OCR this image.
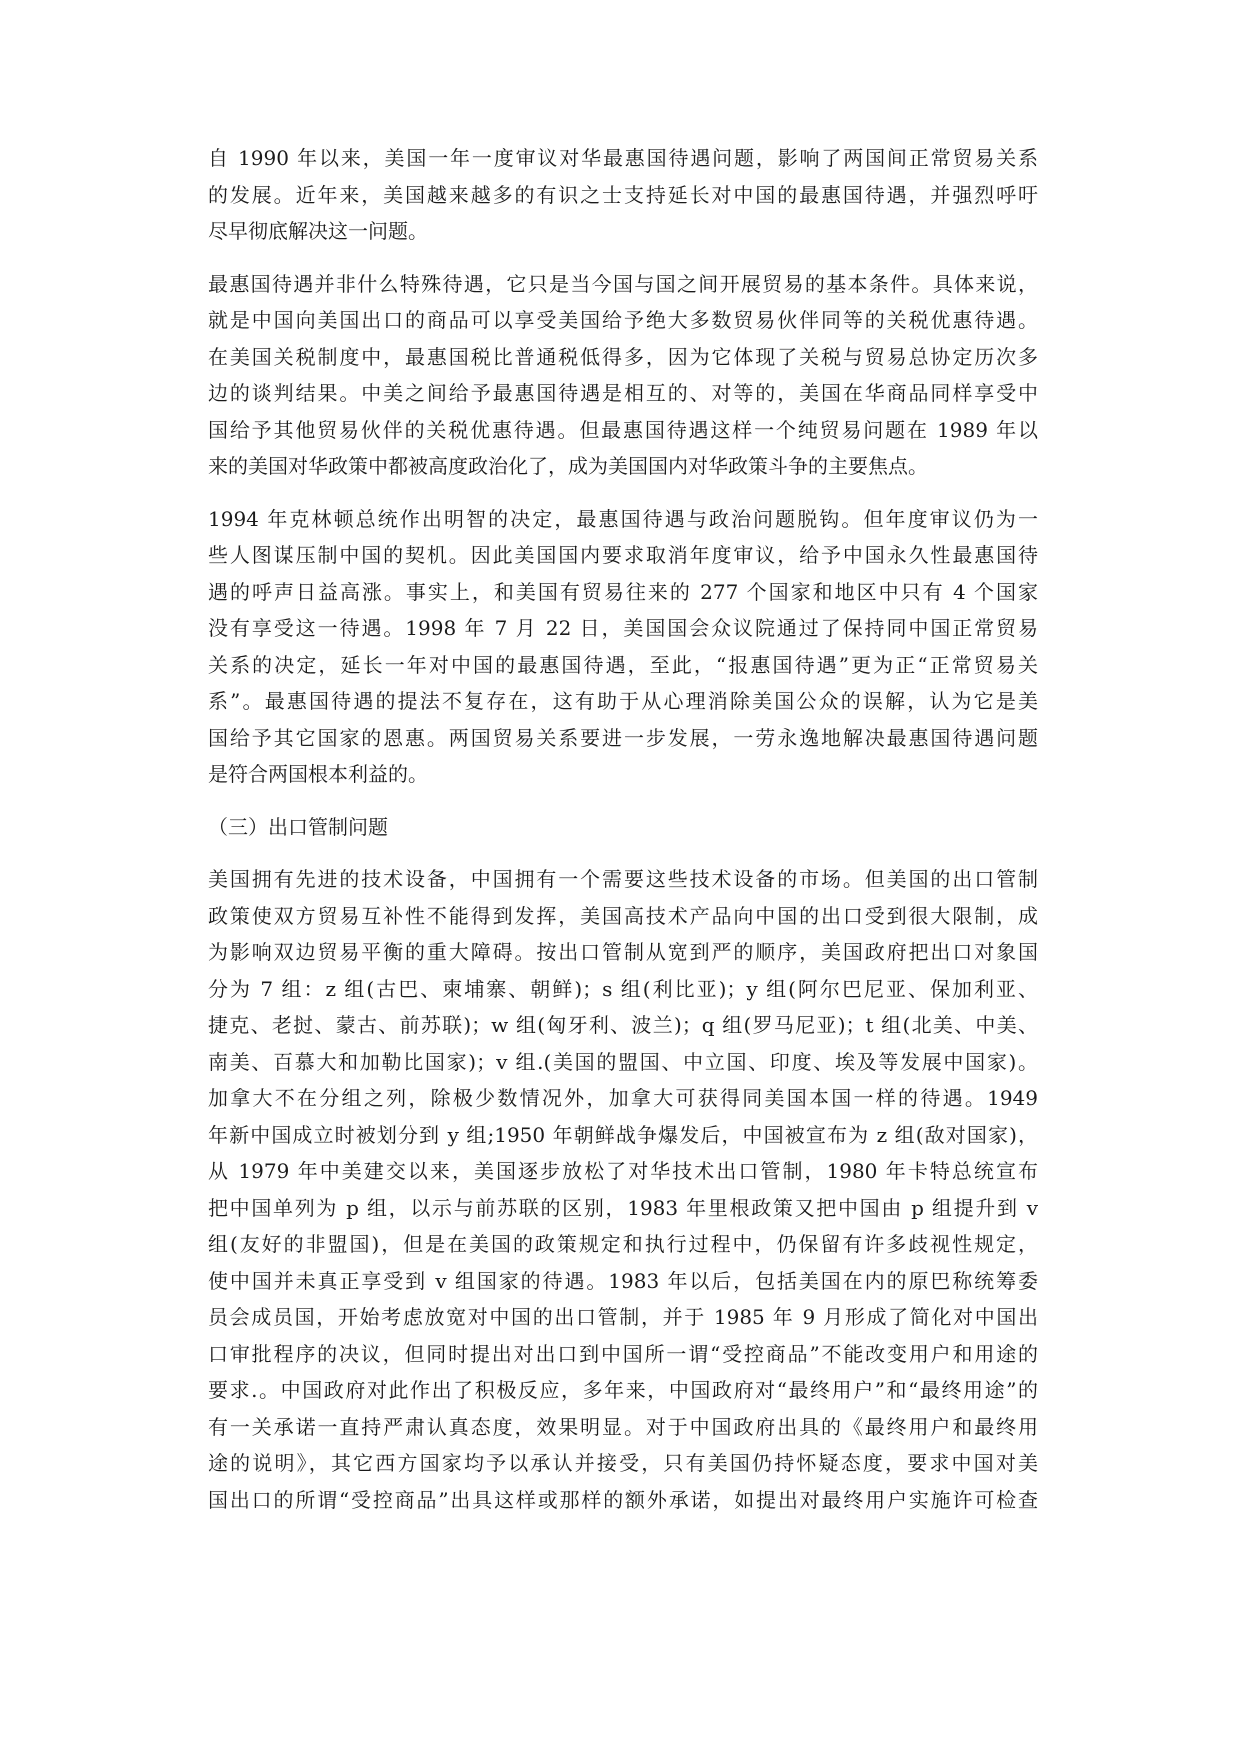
自 1990 年以来，美国一年一度审议对华最惠国待遇问题，影响了两国间正常贸易关系
的发展。近年来，美国越来越多的有识之士支持延长对中国的最惠国待遇，并强烈呼吁
尽早彻底解决这一问题。
最惠国待遇并非什么特殊待遇，它只是当今国与国之间开展贸易的基本条件。具体来说，
就是中国向美国出口的商品可以享受美国给予绝大多数贸易伙伴同等的关税优惠待遇。
在美国关税制度中，最惠国税比普通税低得多，因为它体现了关税与贸易总协定历次多
边的谈判结果。中美之间给予最惠国待遇是相互的、对等的，美国在华商品同样享受中
国给予其他贸易伙伴的关税优惠待遇。但最惠国待遇这样一个纯贸易问题在 1989 年以
来的美国对华政策中都被高度政治化了，成为美国国内对华政策斗争的主要焦点。
1994 年克林顿总统作出明智的决定，最惠国待遇与政治问题脱钩。但年度审议仍为一
些人图谋压制中国的契机。因此美国国内要求取消年度审议，给予中国永久性最惠国待
遇的呼声日益高涨。事实上，和美国有贸易往来的 277 个国家和地区中只有 4 个国家
没有享受这一待遇。1998 年 7 月 22 日，美国国会众议院通过了保持同中国正常贸易
关系的决定，延长一年对中国的最惠国待遇，至此，“报惠国待遇”更为正“正常贸易关
系”。最惠国待遇的提法不复存在，这有助于从心理消除美国公众的误解，认为它是美
国给予其它国家的恩惠。两国贸易关系要进一步发展，一劳永逸地解决最惠国待遇问题
是符合两国根本利益的。
（三）出口管制问题
美国拥有先进的技术设备，中国拥有一个需要这些技术设备的市场。但美国的出口管制
政策使双方贸易互补性不能得到发挥，美国高技术产品向中国的出口受到很大限制，成
为影响双边贸易平衡的重大障碍。按出口管制从宽到严的顺序，美国政府把出口对象国
分为 7 组：z 组(古巴、柬埔寨、朝鲜)；s 组(利比亚)；y 组(阿尔巴尼亚、保加利亚、
捷克、老挝、蒙古、前苏联)；w 组(匈牙利、波兰)；q 组(罗马尼亚)；t 组(北美、中美、
南美、百慕大和加勒比国家)；v 组.(美国的盟国、中立国、印度、埃及等发展中国家)。
加拿大不在分组之列，除极少数情况外，加拿大可获得同美国本国一样的待遇。1949
年新中国成立时被划分到 y 组;1950 年朝鲜战争爆发后，中国被宣布为 z 组(敌对国家)，
从 1979 年中美建交以来，美国逐步放松了对华技术出口管制，1980 年卡特总统宣布
把中国单列为 p 组，以示与前苏联的区别，1983 年里根政策又把中国由 p 组提升到 v
组(友好的非盟国)，但是在美国的政策规定和执行过程中，仍保留有许多歧视性规定，
使中国并未真正享受到 v 组国家的待遇。1983 年以后，包括美国在内的原巴称统筹委
员会成员国，开始考虑放宽对中国的出口管制，并于 1985 年 9 月形成了简化对中国出
口审批程序的决议，但同时提出对出口到中国所一谓“受控商品”不能改变用户和用途的
要求.。中国政府对此作出了积极反应，多年来，中国政府对“最终用户”和“最终用途”的
有一关承诺一直持严肃认真态度，效果明显。对于中国政府出具的《最终用户和最终用
途的说明》，其它西方国家均予以承认并接受，只有美国仍持怀疑态度，要求中国对美
国出口的所谓“受控商品”出具这样或那样的额外承诺，如提出对最终用户实施许可检查
